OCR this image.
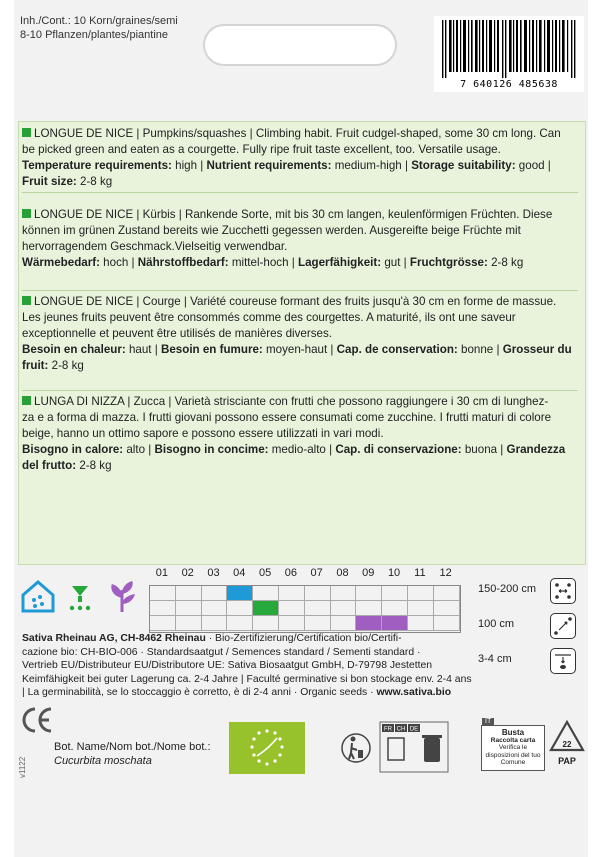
Inh./Cont.: 10 Korn/graines/semi
8-10 Pflanzen/plantes/piantine
7 640126 485638
LONGUE DE NICE | Pumpkins/squashes | Climbing habit. Fruit cudgel-shaped, some 30 cm long. Can
be picked green and eaten as a courgette. Fully ripe fruit taste excellent, too. Versatile usage.
Temperature requirements: high | Nutrient requirements: medium-high | Storage suitability: good |
Fruit size: 2-8 kg
LONGUE DE NICE | Kürbis | Rankende Sorte, mit bis 30 cm langen, keulenförmigen Früchten. Diese
können im grünen Zustand bereits wie Zucchetti gegessen werden. Ausgereifte beige Früchte mit
hervorragendem Geschmack.Vielseitig verwendbar.
Wärmebedarf: hoch | Nährstoffbedarf: mittel-hoch | Lagerfähigkeit: gut | Fruchtgrösse: 2-8 kg
LONGUE DE NICE | Courge | Variété coureuse formant des fruits jusqu'à 30 cm en forme de massue.
Les jeunes fruits peuvent être consommés comme des courgettes. A maturité, ils ont une saveur
exceptionnelle et peuvent être utilisés de manières diverses.
Besoin en chaleur: haut | Besoin en fumure: moyen-haut | Cap. de conservation: bonne | Grosseur du fruit: 2-8 kg
LUNGA DI NIZZA | Zucca | Varietà strisciante con frutti che possono raggiungere i 30 cm di lunghez-
za e a forma di mazza. I frutti giovani possono essere consumati come zucchine. I frutti maturi di colore
beige, hanno un ottimo sapore e possono essere utilizzati in vari modi.
Bisogno in calore: alto | Bisogno in concime: medio-alto | Cap. di conservazione: buona | Grandezza del frutto: 2-8 kg
01	02	03	04	05	06	07	08	09	10	11	12
150-200 cm
100 cm
3-4 cm
Sativa Rheinau AG, CH-8462 Rheinau · Bio-Zertifizierung/Certification bio/Certifi-
cazione bio: CH-BIO-006 · Standardsaatgut / Semences standard / Sementi standard ·
Vertrieb EU/Distributeur EU/Distributore UE: Sativa Biosaatgut GmbH, D-79798 Jestetten
Keimfähigkeit bei guter Lagerung ca. 2-4 Jahre | Faculté germinative si bon stockage env. 2-4 ans
| La germinabilità, se lo stoccaggio è corretto, è di 2-4 anni · Organic seeds · www.sativa.bio
v1122
Bot. Name/Nom bot./Nome bot.:
Cucurbita moschata
FR CH DE
IT
Busta
Raccolta carta
Verifica le disposizioni del tuo Comune
22
PAP
